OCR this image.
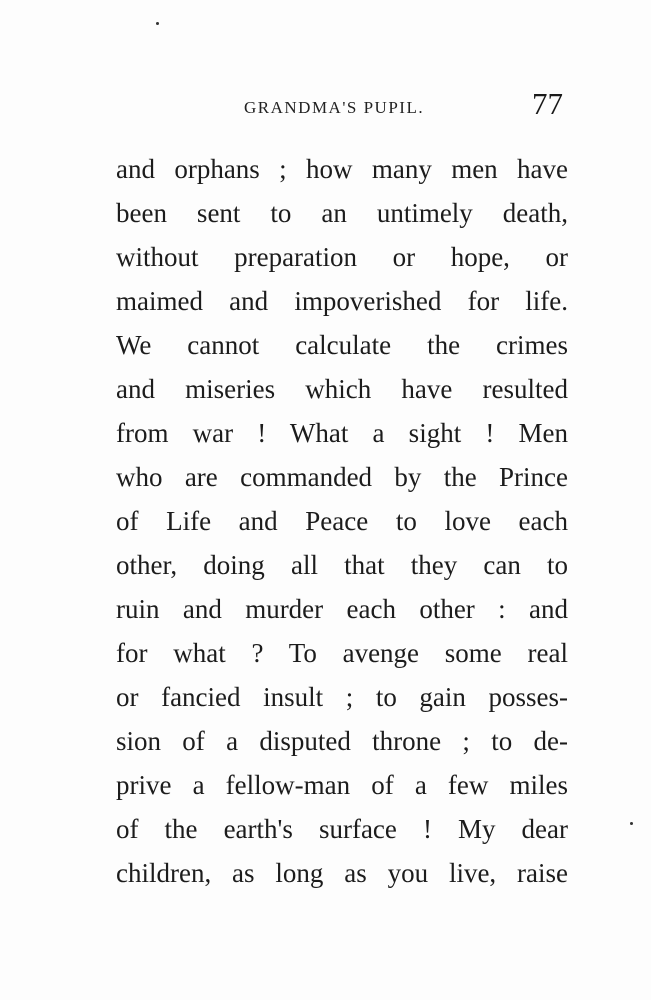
GRANDMA'S PUPIL.	77
and orphans ; how many men have
been sent to an untimely death,
without preparation or hope, or
maimed and impoverished for life.
We cannot calculate the crimes
and miseries which have resulted
from war ! What a sight ! Men
who are commanded by the Prince
of Life and Peace to love each
other, doing all that they can to
ruin and murder each other : and
for what ? To avenge some real
or fancied insult ; to gain posses-
sion of a disputed throne ; to de-
prive a fellow-man of a few miles
of the earth's surface ! My dear
children, as long as you live, raise
